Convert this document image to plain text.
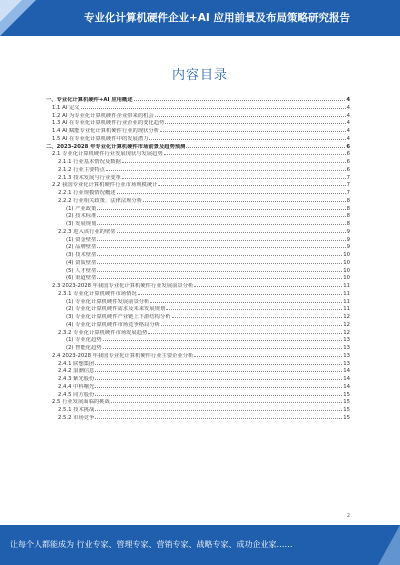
专业化计算机硬件企业+AI 应用前景及布局策略研究报告
内容目录
一、专业化计算机硬件+AI 应用概述	4
1.1 AI 定义	4
1.2 AI 为专业化计算机硬件企业带来的机会	4
1.3 AI 在专业化计算机硬件行业企业的变化趋势	4
1.4 AI 赋能专业化计算机硬件行业的现状分析	4
1.5 AI 在专业化计算机硬件中的发展潜力	4
二、2023-2028 年专业化计算机硬件市场前景及趋势预测	6
2.1 专业化计算机硬件行业发展现状与发展趋势	6
2.1.1 行业基本情况及数据	6
2.1.2 行业主要特点	6
2.1.3 技术发展与行业变革	7
2.2 我国专业化计算机硬件行业市场规模统计	7
2.2.1 行业规模情况概述	7
2.2.2 行业相关政策、法律法规分析	8
(1) 产业政策	8
(2) 技术标准	8
(3) 发展规划	8
2.2.3 进入该行业的壁垒	9
(1) 资金壁垒	9
(2) 品牌壁垒	9
(3) 技术壁垒	10
(4) 资质壁垒	10
(5) 人才壁垒	10
(6) 渠道壁垒	10
2.3 2023-2028 年我国专业化计算机硬件行业发展前景分析	11
2.3.1 专业化计算机硬件市场情况	11
(1) 专业化计算机硬件发展前景分析	11
(2) 专业化计算机硬件需求及未来发展规划	11
(3) 专业化计算机硬件产业链上下游结构分析	12
(4) 专业化计算机硬件市场竞争格局分析	12
2.3.2 专业化计算机硬件市场发展趋势	12
(1) 专业化趋势	13
(2) 智能化趋势	13
2.4 2023-2028 年我国专业化计算机硬件行业主要企业分析	13
2.4.1 联想集团	13
2.4.2 浪潮信息	14
2.4.3 紫光股份	14
2.4.4 中科曙光	14
2.4.5 同方股份	15
2.5 行业发展面临的挑战	15
2.5.1 技术挑战	15
2.5.2 市场竞争	15
2
让每个人都能成为 行业专家、管理专家、营销专家、战略专家、成功企业家……
